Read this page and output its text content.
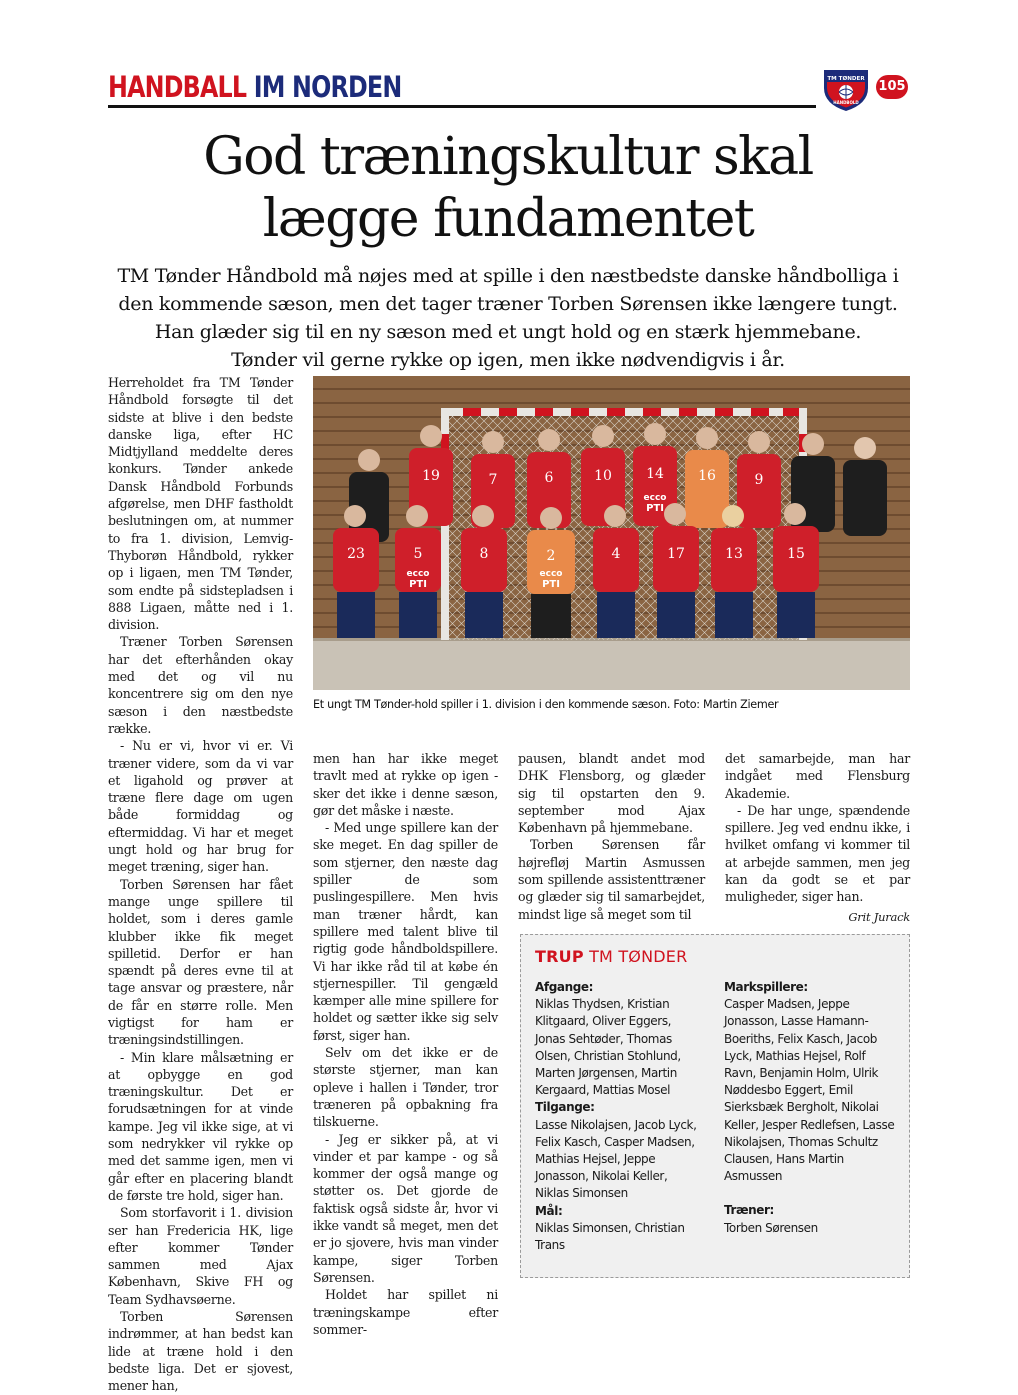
HANDBALL IM NORDEN	TM TØNDER
HÅNDBOLD
105
God træningskultur skal
lægge fundamentet
TM Tønder Håndbold må nøjes med at spille i den næstbedste danske håndbolliga i
den kommende sæson, men det tager træner Torben Sørensen ikke længere tungt.
Han glæder sig til en ny sæson med et ungt hold og en stærk hjemmebane.
Tønder vil gerne rykke op igen, men ikke nødvendigvis i år.

Herreholdet fra TM Tønder Håndbold forsøgte til det sidste at blive i den bedste danske liga, efter HC Midtjylland meddelte deres konkurs. Tønder ankede Dansk Håndbold Forbunds afgørelse, men DHF fastholdt beslutningen om, at nummer to fra 1. division, Lemvig-Thyborøn Håndbold, rykker op i ligaen, men TM Tønder, som endte på sidstepladsen i 888 Ligaen, måtte ned i 1. division.

Træner Torben Sørensen har det efterhånden okay med det og vil nu koncentrere sig om den nye sæson i den næstbedste række.

- Nu er vi, hvor vi er. Vi træner videre, som da vi var et ligahold og prøver at træne flere dage om ugen både formiddag og eftermiddag. Vi har et meget ungt hold og har brug for meget træning, siger han.

Torben Sørensen har fået mange unge spillere til holdet, som i deres gamle klubber ikke fik meget spilletid. Derfor er han spændt på deres evne til at tage ansvar og præstere, når de får en større rolle. Men vigtigst for ham er træningsindstillingen.

- Min klare målsætning er at opbygge en god træningskultur. Det er forudsætningen for at vinde kampe. Jeg vil ikke sige, at vi som nedrykker vil rykke op med det samme igen, men vi går efter en placering blandt de første tre hold, siger han.

Som storfavorit i 1. division ser han Fredericia HK, lige efter kommer Tønder sammen med Ajax København, Skive FH og Team Sydhavsøerne.

Torben Sørensen indrømmer, at han bedst kan lide at træne hold i den bedste liga. Det er sjovest, mener han,

19	7	6	10 14 16	9
23	5	8	2	4	17	13	15
ecco
PTI
ecco
PTI
ecco
PTI
Et ungt TM Tønder-hold spiller i 1. division i den kommende sæson. Foto: Martin Ziemer

men han har ikke meget travlt med at rykke op igen - sker det ikke i denne sæson, gør det måske i næste.

- Med unge spillere kan der ske meget. En dag spiller de som stjerner, den næste dag spiller de som puslingespillere. Men hvis man træner hårdt, kan spillere med talent blive til rigtig gode håndboldspillere. Vi har ikke råd til at købe én stjernespiller. Til gengæld kæmper alle mine spillere for holdet og sætter ikke sig selv først, siger han.

Selv om det ikke er de største stjerner, man kan opleve i hallen i Tønder, tror træneren på opbakning fra tilskuerne.

- Jeg er sikker på, at vi vinder et par kampe - og så kommer der også mange og støtter os. Det gjorde de faktisk også sidste år, hvor vi ikke vandt så meget, men det er jo sjovere, hvis man vinder kampe, siger Torben Sørensen.

Holdet har spillet ni træningskampe efter sommer-

pausen, blandt andet mod DHK Flensborg, og glæder sig til opstarten den 9. september mod Ajax København på hjemmebane.

Torben Sørensen får højrefløj Martin Asmussen som spillende assistenttræner og glæder sig til samarbejdet, mindst lige så meget som til

det samarbejde, man har indgået med Flensburg Akademie.

- De har unge, spændende spillere. Jeg ved endnu ikke, i hvilket omfang vi kommer til at arbejde sammen, men jeg kan da godt se et par muligheder, siger han.

Grit Jurack
TRUP TM TØNDER
Afgange:
Niklas Thydsen, Kristian Klitgaard, Oliver Eggers, Jonas Sehtøder, Thomas Olsen, Christian Stohlund, Marten Jørgensen, Martin Kergaard, Mattias Mosel
Tilgange:
Lasse Nikolajsen, Jacob Lyck, Felix Kasch, Casper Madsen, Mathias Hejsel, Jeppe Jonasson, Nikolai Keller, Niklas Simonsen
Mål:
Niklas Simonsen, Christian Trans
Markspillere:
Casper Madsen, Jeppe Jonasson, Lasse Hamann-Boeriths, Felix Kasch, Jacob Lyck, Mathias Hejsel, Rolf Ravn, Benjamin Holm, Ulrik Nøddesbo Eggert, Emil Sierksbæk Bergholt, Nikolai Keller, Jesper Redlefsen, Lasse Nikolajsen, Thomas Schultz Clausen, Hans Martin Asmussen
Træner:
Torben Sørensen
